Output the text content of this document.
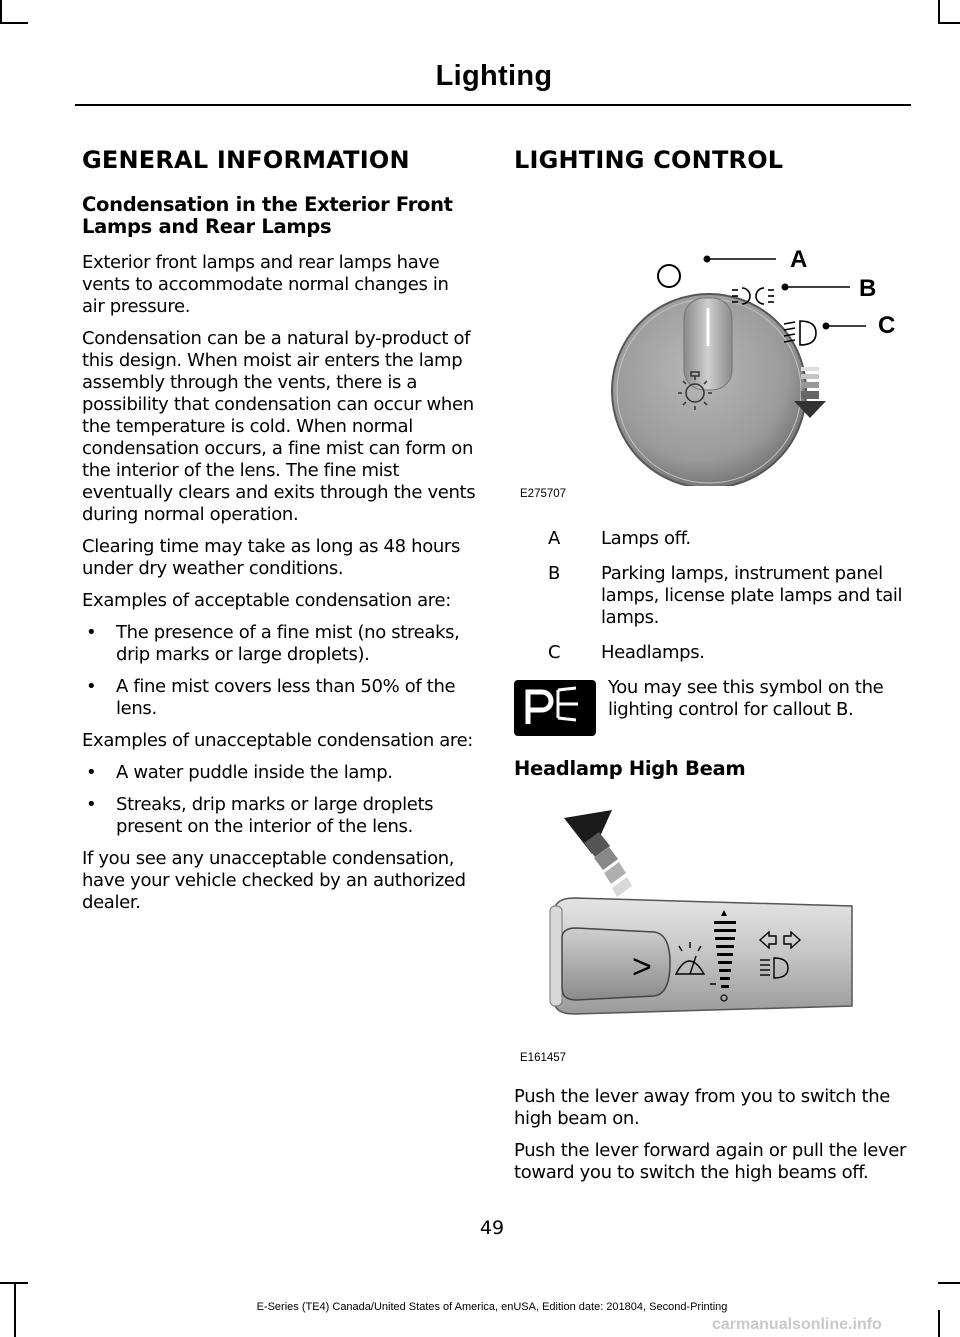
Lighting
GENERAL INFORMATION
Condensation in the Exterior Front Lamps and Rear Lamps

Exterior front lamps and rear lamps have vents to accommodate normal changes in air pressure.

Condensation can be a natural by-product of this design. When moist air enters the lamp assembly through the vents, there is a possibility that condensation can occur when the temperature is cold. When normal condensation occurs, a fine mist can form on the interior of the lens. The fine mist eventually clears and exits through the vents during normal operation.

Clearing time may take as long as 48 hours under dry weather conditions.

Examples of acceptable condensation are:

• The presence of a fine mist (no streaks, drip marks or large droplets).
• A fine mist covers less than 50% of the lens.

Examples of unacceptable condensation are:

• A water puddle inside the lamp.
• Streaks, drip marks or large droplets present on the interior of the lens.

If you see any unacceptable condensation, have your vehicle checked by an authorized dealer.

LIGHTING CONTROL
A
B
C
E275707
A	Lamps off.
B	Parking lamps, instrument panel lamps, license plate lamps and tail lamps.
C	Headlamps.
You may see this symbol on the lighting control for callout B.
Headlamp High Beam
>
E161457

Push the lever away from you to switch the high beam on.

Push the lever forward again or pull the lever toward you to switch the high beams off.

49
E-Series (TE4) Canada/United States of America, enUSA, Edition date: 201804, Second-Printing
carmanualsonline.info
